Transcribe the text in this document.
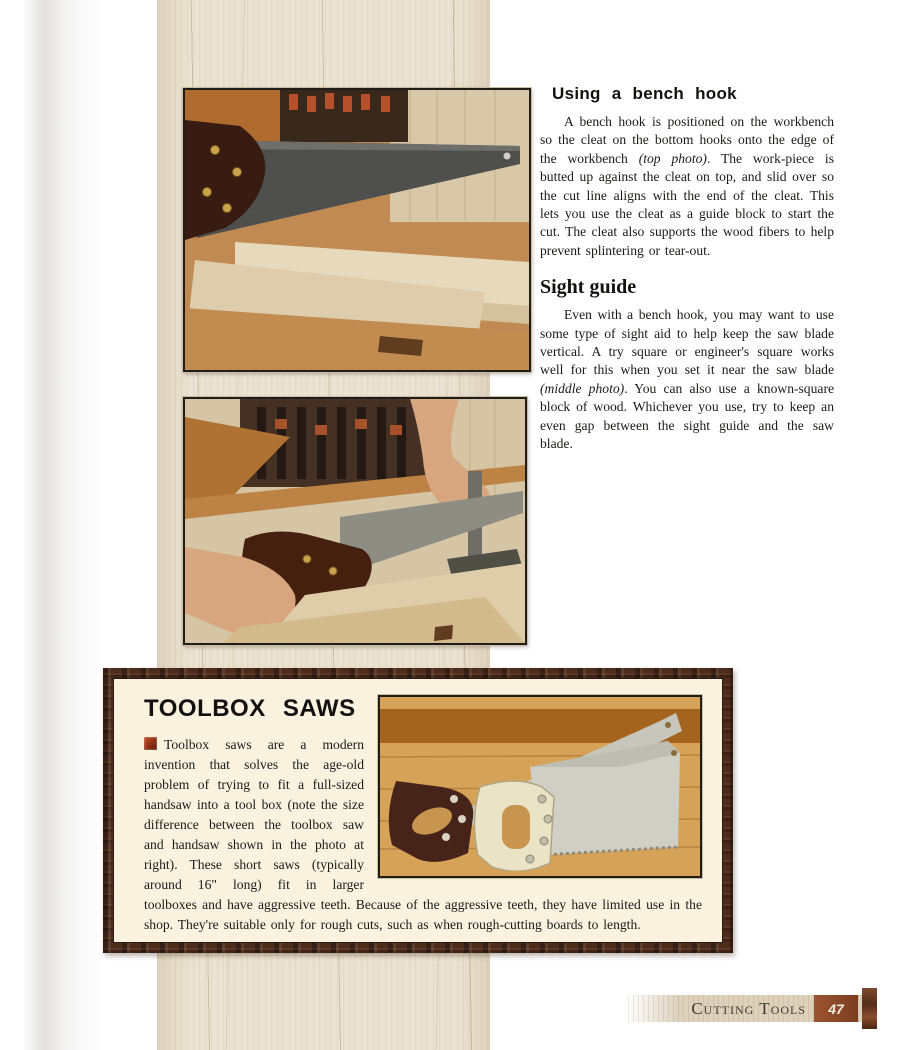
Using a bench hook

A bench hook is positioned on the workbench so the cleat on the bottom hooks onto the edge of the workbench (top photo). The work-piece is butted up against the cleat on top, and slid over so the cut line aligns with the end of the cleat. This lets you use the cleat as a guide block to start the cut. The cleat also supports the wood fibers to help prevent splintering or tear-out.

Sight guide

Even with a bench hook, you may want to use some type of sight aid to help keep the saw blade vertical. A try square or engineer's square works well for this when you set it near the saw blade (middle photo). You can also use a known-square block of wood. Whichever you use, try to keep an even gap between the sight guide and the saw blade.

TOOLBOX SAWS

Toolbox saws are a modern invention that solves the age-old problem of trying to fit a full-sized handsaw into a tool box (note the size difference between the toolbox saw and handsaw shown in the photo at right). These short saws (typically around 16" long) fit in larger toolboxes and have aggressive teeth. Because of the aggressive teeth, they have limited use in the shop. They're suitable only for rough cuts, such as when rough-cutting boards to length.

Cutting Tools 47
